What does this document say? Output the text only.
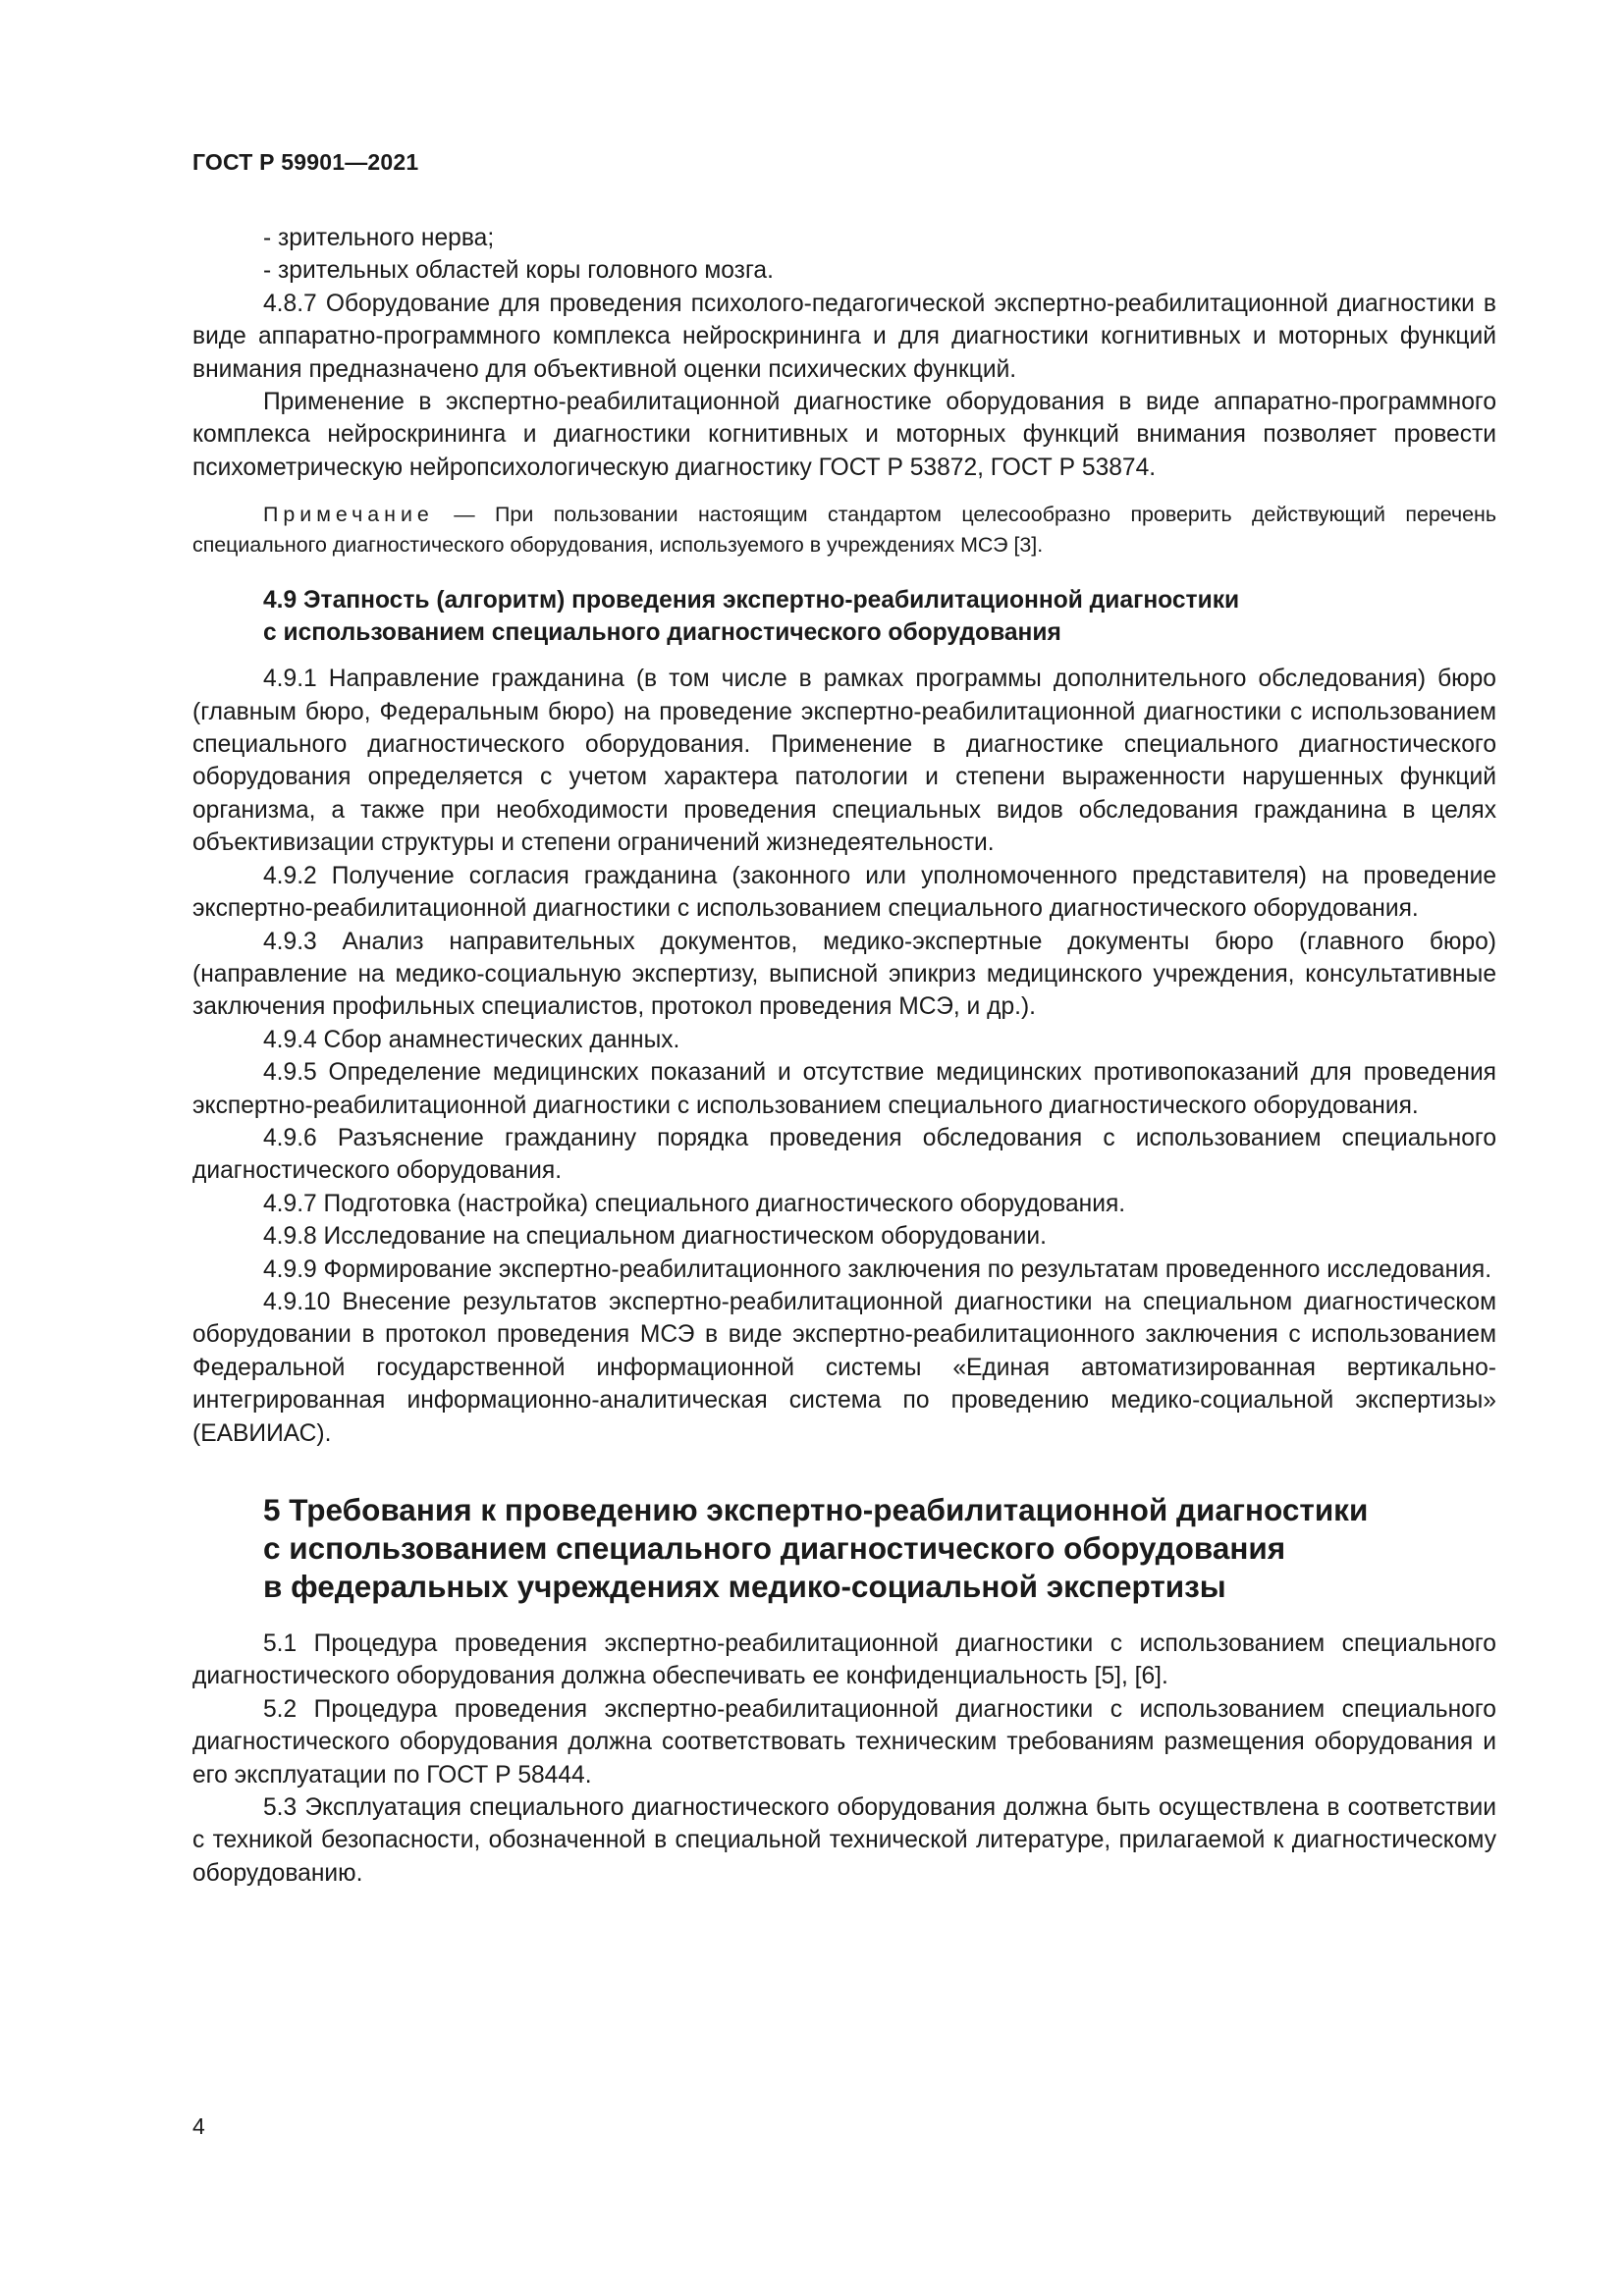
ГОСТ Р 59901—2021

- зрительного нерва;

- зрительных областей коры головного мозга.

4.8.7 Оборудование для проведения психолого-педагогической экспертно-реабилитационной диагностики в виде аппаратно-программного комплекса нейроскрининга и для диагностики когнитивных и моторных функций внимания предназначено для объективной оценки психических функций.

Применение в экспертно-реабилитационной диагностике оборудования в виде аппаратно-программного комплекса нейроскрининга и диагностики когнитивных и моторных функций внимания позволяет провести психометрическую нейропсихологическую диагностику ГОСТ Р 53872, ГОСТ Р 53874.

Примечание — При пользовании настоящим стандартом целесообразно проверить действующий перечень специального диагностического оборудования, используемого в учреждениях МСЭ [3].

4.9 Этапность (алгоритм) проведения экспертно-реабилитационной диагностики
с использованием специального диагностического оборудования

4.9.1 Направление гражданина (в том числе в рамках программы дополнительного обследования) бюро (главным бюро, Федеральным бюро) на проведение экспертно-реабилитационной диагностики с использованием специального диагностического оборудования. Применение в диагностике специального диагностического оборудования определяется с учетом характера патологии и степени выраженности нарушенных функций организма, а также при необходимости проведения специальных видов обследования гражданина в целях объективизации структуры и степени ограничений жизнедеятельности.

4.9.2 Получение согласия гражданина (законного или уполномоченного представителя) на проведение экспертно-реабилитационной диагностики с использованием специального диагностического оборудования.

4.9.3 Анализ направительных документов, медико-экспертные документы бюро (главного бюро) (направление на медико-социальную экспертизу, выписной эпикриз медицинского учреждения, консультативные заключения профильных специалистов, протокол проведения МСЭ, и др.).

4.9.4 Сбор анамнестических данных.

4.9.5 Определение медицинских показаний и отсутствие медицинских противопоказаний для проведения экспертно-реабилитационной диагностики с использованием специального диагностического оборудования.

4.9.6 Разъяснение гражданину порядка проведения обследования с использованием специального диагностического оборудования.

4.9.7 Подготовка (настройка) специального диагностического оборудования.

4.9.8 Исследование на специальном диагностическом оборудовании.

4.9.9 Формирование экспертно-реабилитационного заключения по результатам проведенного исследования.

4.9.10 Внесение результатов экспертно-реабилитационной диагностики на специальном диагностическом оборудовании в протокол проведения МСЭ в виде экспертно-реабилитационного заключения с использованием Федеральной государственной информационной системы «Единая автоматизированная вертикально-интегрированная информационно-аналитическая система по проведению медико-социальной экспертизы» (ЕАВИИАС).

5 Требования к проведению экспертно-реабилитационной диагностики
с использованием специального диагностического оборудования
в федеральных учреждениях медико-социальной экспертизы

5.1 Процедура проведения экспертно-реабилитационной диагностики с использованием специального диагностического оборудования должна обеспечивать ее конфиденциальность [5], [6].

5.2 Процедура проведения экспертно-реабилитационной диагностики с использованием специального диагностического оборудования должна соответствовать техническим требованиям размещения оборудования и его эксплуатации по ГОСТ Р 58444.

5.3 Эксплуатация специального диагностического оборудования должна быть осуществлена в соответствии с техникой безопасности, обозначенной в специальной технической литературе, прилагаемой к диагностическому оборудованию.

4
